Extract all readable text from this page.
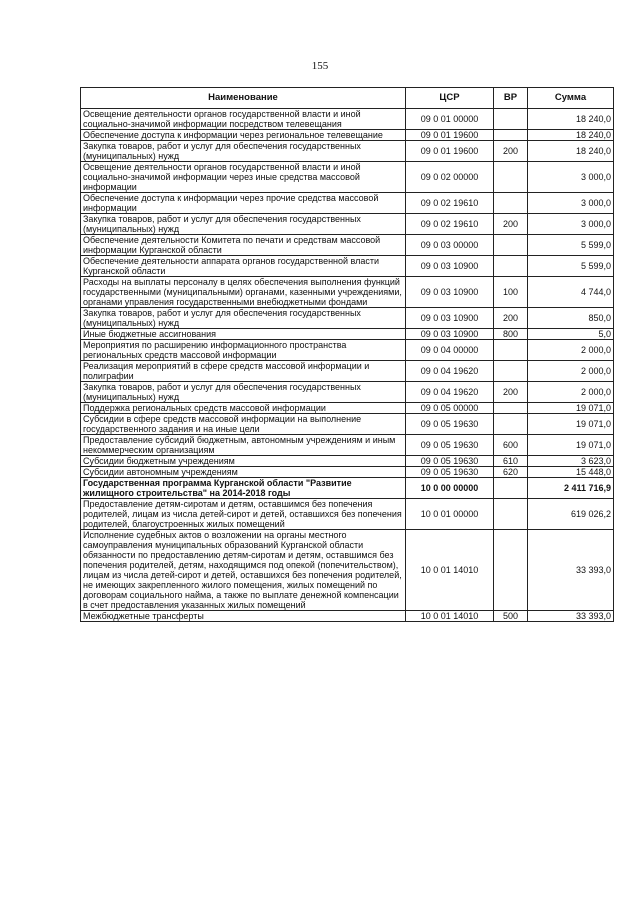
155
Наименование	ЦСР	ВР	Сумма
Освещение деятельности органов государственной власти и иной социально-значимой информации посредством телевещания	09 0 01 00000		18 240,0
Обеспечение доступа к информации через региональное телевещание	09 0 01 19600		18 240,0
Закупка товаров, работ и услуг для обеспечения государственных (муниципальных) нужд	09 0 01 19600	200	18 240,0
Освещение деятельности органов государственной власти и иной социально-значимой информации через иные средства массовой информации	09 0 02 00000		3 000,0
Обеспечение доступа к информации через прочие средства массовой информации	09 0 02 19610		3 000,0
Закупка товаров, работ и услуг для обеспечения государственных (муниципальных) нужд	09 0 02 19610	200	3 000,0
Обеспечение деятельности Комитета по печати и средствам массовой информации Курганской области	09 0 03 00000		5 599,0
Обеспечение деятельности аппарата органов государственной власти Курганской области	09 0 03 10900		5 599,0
Расходы на выплаты персоналу в целях обеспечения выполнения функций государственными (муниципальными) органами, казенными учреждениями, органами управления государственными внебюджетными фондами	09 0 03 10900	100	4 744,0
Закупка товаров, работ и услуг для обеспечения государственных (муниципальных) нужд	09 0 03 10900	200	850,0
Иные бюджетные ассигнования	09 0 03 10900	800	5,0
Мероприятия по расширению информационного пространства региональных средств массовой информации	09 0 04 00000		2 000,0
Реализация мероприятий в сфере средств массовой информации и полиграфии	09 0 04 19620		2 000,0
Закупка товаров, работ и услуг для обеспечения государственных (муниципальных) нужд	09 0 04 19620	200	2 000,0
Поддержка региональных средств массовой информации	09 0 05 00000		19 071,0
Субсидии в сфере средств массовой информации на выполнение государственного задания и на иные цели	09 0 05 19630		19 071,0
Предоставление субсидий бюджетным, автономным учреждениям и иным некоммерческим организациям	09 0 05 19630	600	19 071,0
Субсидии бюджетным учреждениям	09 0 05 19630	610	3 623,0
Субсидии автономным учреждениям	09 0 05 19630	620	15 448,0
Государственная программа Курганской области "Развитие жилищного строительства" на 2014-2018 годы	10 0 00 00000		2 411 716,9
Предоставление детям-сиротам и детям, оставшимся без попечения родителей, лицам из числа детей-сирот и детей, оставшихся без попечения родителей, благоустроенных жилых помещений	10 0 01 00000		619 026,2
Исполнение судебных актов о возложении на органы местного самоуправления муниципальных образований Курганской области обязанности по предоставлению детям-сиротам и детям, оставшимся без попечения родителей, детям, находящимся под опекой (попечительством), лицам из числа детей-сирот и детей, оставшихся без попечения родителей, не имеющих закрепленного жилого помещения, жилых помещений по договорам социального найма, а также по выплате денежной компенсации в счет предоставления указанных жилых помещений	10 0 01 14010		33 393,0
Межбюджетные трансферты	10 0 01 14010	500	33 393,0
